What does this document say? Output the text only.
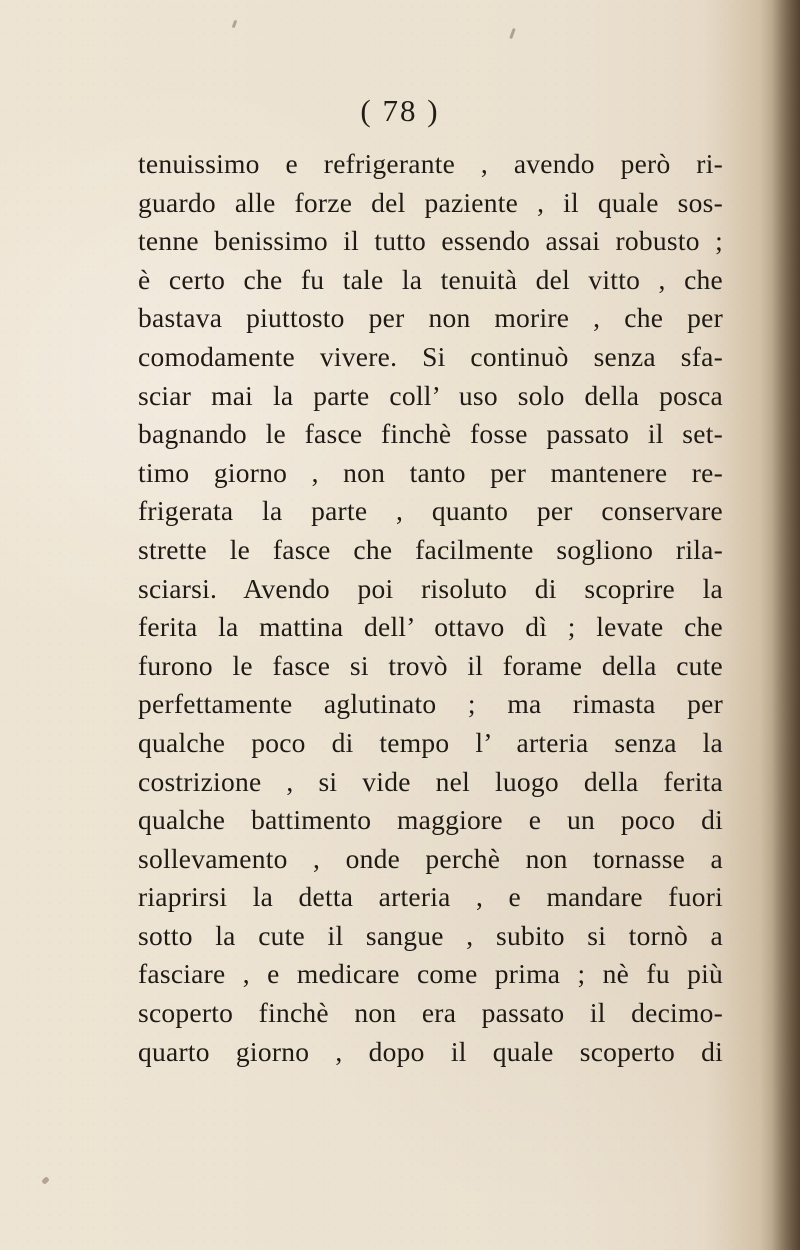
( 78 )
tenuissimo e refrigerante , avendo però ri-
guardo alle forze del paziente , il quale sos-
tenne benissimo il tutto essendo assai robusto ;
è certo che fu tale la tenuità del vitto , che
bastava piuttosto per non morire , che per
comodamente vivere. Si continuò senza sfa-
sciar mai la parte coll’ uso solo della posca
bagnando le fasce finchè fosse passato il set-
timo giorno , non tanto per mantenere re-
frigerata la parte , quanto per conservare
strette le fasce che facilmente sogliono rila-
sciarsi. Avendo poi risoluto di scoprire la
ferita la mattina dell’ ottavo dì ; levate che
furono le fasce si trovò il forame della cute
perfettamente aglutinato ; ma rimasta per
qualche poco di tempo l’ arteria senza la
costrizione , si vide nel luogo della ferita
qualche battimento maggiore e un poco di
sollevamento , onde perchè non tornasse a
riaprirsi la detta arteria , e mandare fuori
sotto la cute il sangue , subito si tornò a
fasciare , e medicare come prima ; nè fu più
scoperto finchè non era passato il decimo-
quarto giorno , dopo il quale scoperto di
